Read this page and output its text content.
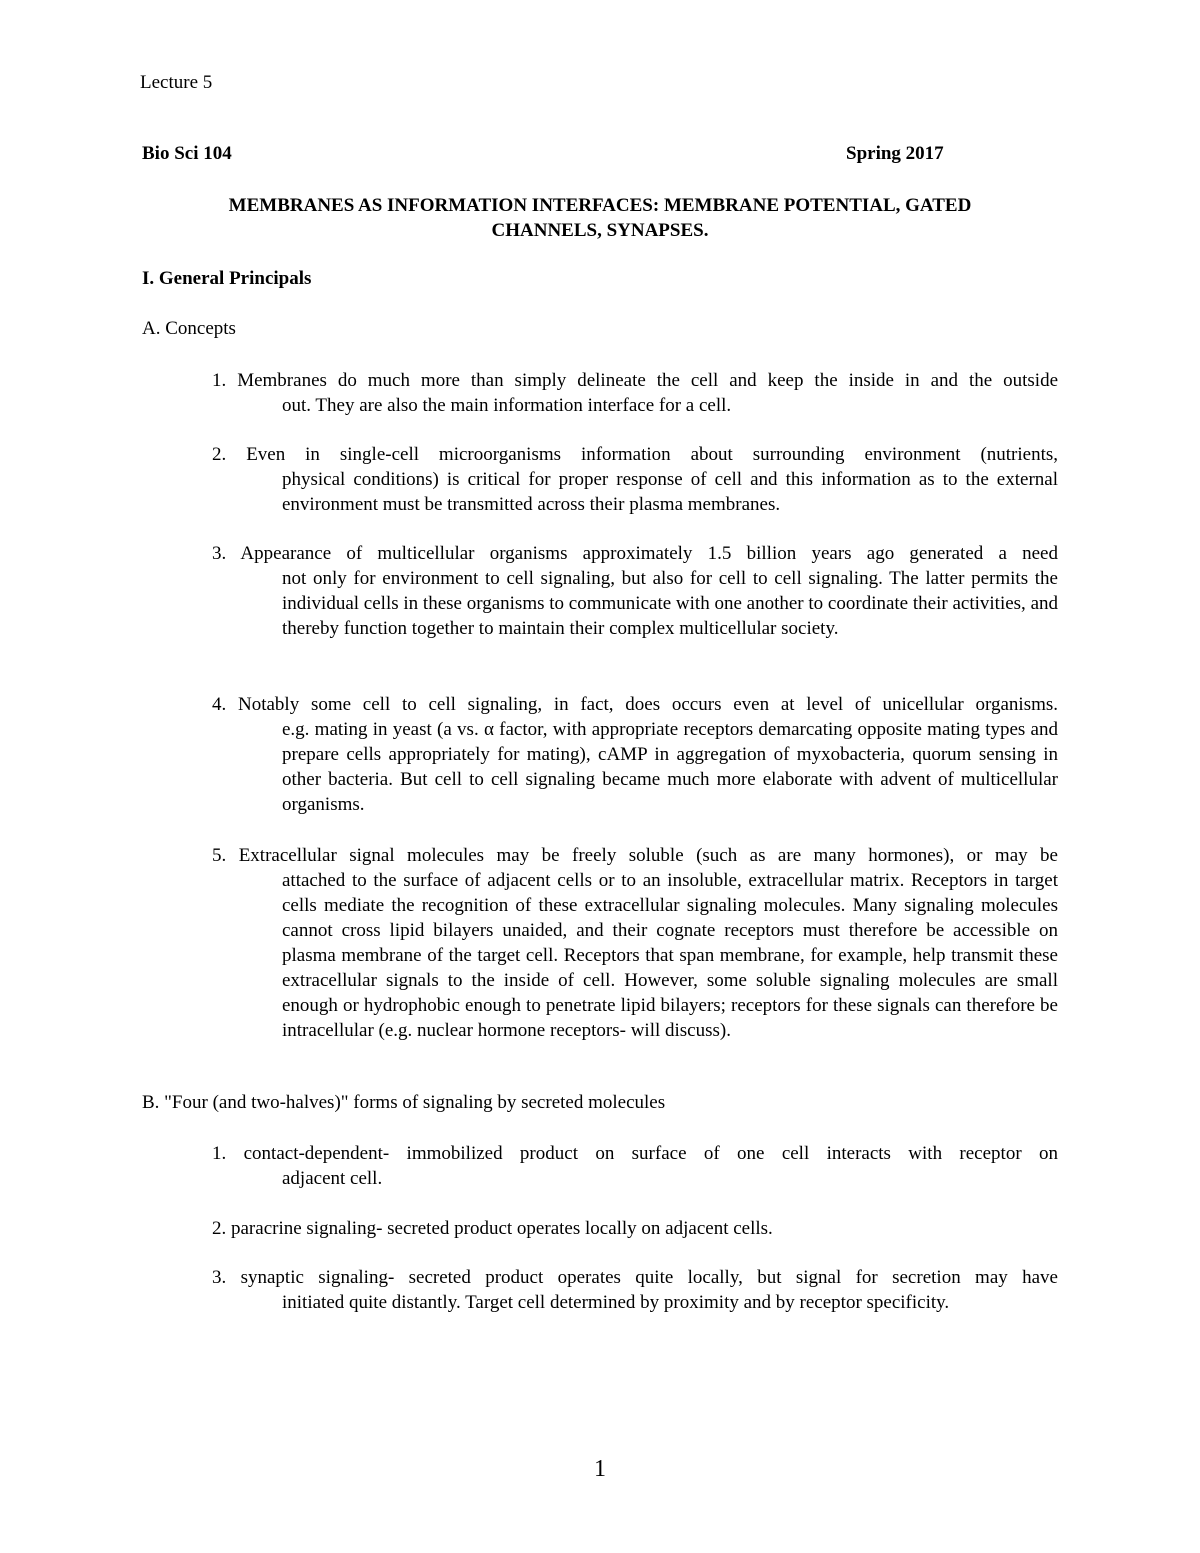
Lecture 5
Bio Sci 104	Spring 2017
MEMBRANES AS INFORMATION INTERFACES: MEMBRANE POTENTIAL, GATED
CHANNELS, SYNAPSES.
I. General Principals
A. Concepts
1. Membranes do much more than simply delineate the cell and keep the inside in and the outside
out. They are also the main information interface for a cell.
2. Even in single-cell microorganisms information about surrounding environment (nutrients,
physical conditions) is critical for proper response of cell and this information as to the external environment must be transmitted across their plasma membranes.
3. Appearance of multicellular organisms approximately 1.5 billion years ago generated a need
not only for environment to cell signaling, but also for cell to cell signaling. The latter permits the individual cells in these organisms to communicate with one another to coordinate their activities, and thereby function together to maintain their complex multicellular society.
4. Notably some cell to cell signaling, in fact, does occurs even at level of unicellular organisms.
e.g. mating in yeast (a vs. α factor, with appropriate receptors demarcating opposite mating types and prepare cells appropriately for mating), cAMP in aggregation of myxobacteria, quorum sensing in other bacteria. But cell to cell signaling became much more elaborate with advent of multicellular organisms.
5. Extracellular signal molecules may be freely soluble (such as are many hormones), or may be
attached to the surface of adjacent cells or to an insoluble, extracellular matrix. Receptors in target cells mediate the recognition of these extracellular signaling molecules. Many signaling molecules cannot cross lipid bilayers unaided, and their cognate receptors must therefore be accessible on plasma membrane of the target cell. Receptors that span membrane, for example, help transmit these extracellular signals to the inside of cell. However, some soluble signaling molecules are small enough or hydrophobic enough to penetrate lipid bilayers; receptors for these signals can therefore be intracellular (e.g. nuclear hormone receptors- will discuss).
B. "Four (and two-halves)" forms of signaling by secreted molecules
1. contact-dependent- immobilized product on surface of one cell interacts with receptor on
adjacent cell.
2. paracrine signaling- secreted product operates locally on adjacent cells.
3. synaptic signaling- secreted product operates quite locally, but signal for secretion may have
initiated quite distantly. Target cell determined by proximity and by receptor specificity.
1
